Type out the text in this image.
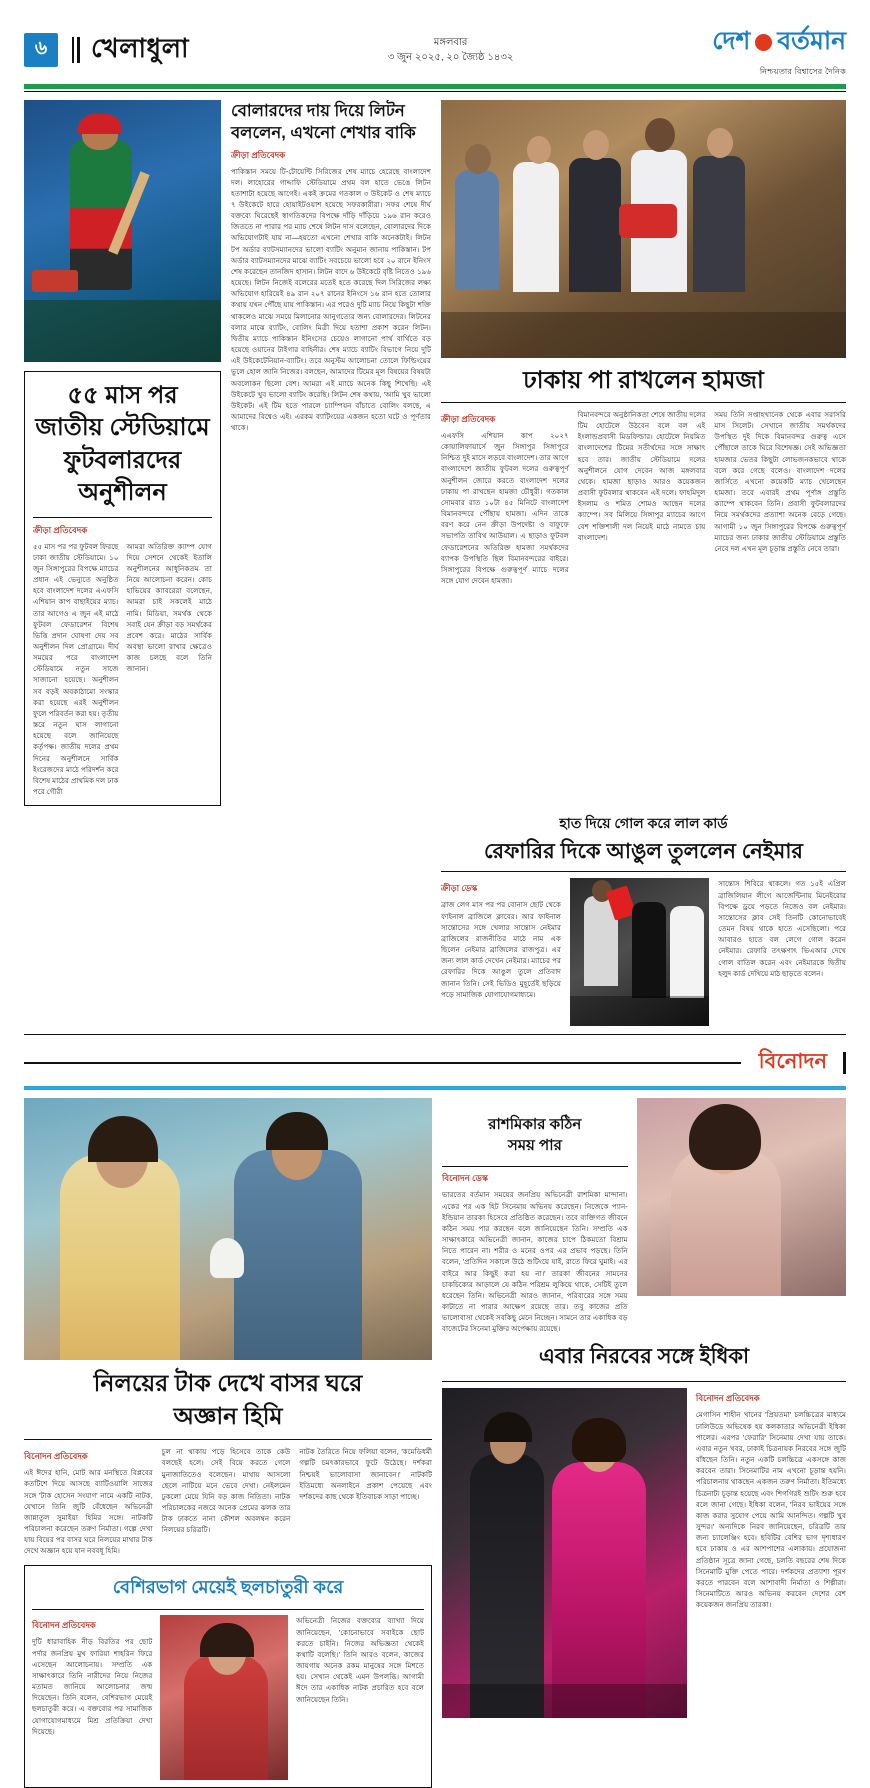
৬	খেলাধুলা	মঙ্গলবার
৩ জুন ২০২৫, ২০ জ্যৈষ্ঠ ১৪৩২
দেশ বর্তমান
নিশ্চয়তার বিশ্বাসের দৈনিক
৫৫ মাস পর জাতীয় স্টেডিয়ামে
ফুটবলারদের অনুশীলন
ক্রীড়া প্রতিবেদক
৫৫ মাস পর পর ফুটবল ফিরছে ঢাকা জাতীয় স্টেডিয়ামে। ১০ জুন সিঙ্গাপুরের বিপক্ষে ম্যাচের প্রধান এই ভেন্যুতে অনুষ্ঠিত হবে বাংলাদেশ দলের এএফসি এশিয়ান কাপ বাছাইয়ের ম্যাচ। তার আগেও এ জুন এই মাঠে ফুটবল ফেডারেশন বিশেষ ভিত্তি প্রদান ঘোষণা দেয় সব অনুশীলন দিল প্রোগ্রামে। দীর্ঘ সময়ের পরে বাংলাদেশ স্টেডিয়ামে নতুন সাজে সাজানো হয়েছে। অনুশীলন সব বড়ই অবকাঠামো সংস্কার করা হয়েছে এরই অনুশীলন ফুলে পরিবর্তন করা হয়। তৃতীয় স্তরে নতুন ঘাস লাগানো হয়েছে বলে জানিয়েছে কর্তৃপক্ষ। জাতীয় দলের প্রথম দিনের অনুশীলনে সার্বিক ইংরেজদের মাঠে পরিদর্শন করে বিশেষ মাঠের প্রাথমিক দল ঢাক পরে গৌরী
আমরা অতিরিক্ত ক্যাম্প যোগ দিয়ে সেশনে থেকেই ইতালি অনুশীলনের আধুনিকতম তা নিয়ে আলোচনা করেন। কোচ হাভিয়ের ক্যাবরেরা বলেছেন, আমরা চাই সকলেই মাঠে নামি। মিডিয়া, সমর্থক থেকে সবাই যেন ক্রীড়া বড় সমর্থকের প্রবেশ করে। মাঠের সার্বিক অবস্থা ভালো রাখার ক্ষেত্রেও কাজ চলছে বলে তিনি জানান।
বোলারদের দায় দিয়ে লিটন বললেন, এখনো শেখার বাকি
ক্রীড়া প্রতিবেদক
পাকিস্তান সময়ে টি-টোয়েন্টি সিরিজের শেষ ম্যাচে হেরেছে বাংলাদেশ দল। লাহোরের গাদ্দাফি স্টেডিয়ামে প্রথম বল হাতে ভেঙে লিটন হতাশাটা হয়েছে আগেই। একই ক্রমের গতকাল ৩ উইকেট ও শেষ ম্যাচে ৭ উইকেটে হারে হোয়াইটওয়াশ হয়েছে সফরকারীরা। সফর শেষে দীর্ঘ বক্তব্যে ঘিরেছেই স্বাগতিকদের বিপক্ষে দাঁড়ি দাঁড়িয়ে ১৯৬ রান করেও জিততে না পারার পর ম্যাচ শেষে লিটন দাস বলেছেন, বোলারদের দিকে অভিযোগটাই যায় না—হয়তো এখনো শেখার বাকি অনেকটাই। লিটন টপ অর্ডার ব্যাটসম্যানদের ভালো ব্যাটিং অনুমান জানায় পাকিস্তান। টপ অর্ডার ব্যাটসম্যানদের মাঝে ব্যাটিং সবচেয়ে ভালো হবে ২০ রানে ইনিংস শেষ করেছেন তানজিদ হাসান। লিটন বাদে ৬ উইকেটে বৃষ্টি নিতেও ১৯৬ হয়েছে। লিটন নিজেই বলেরের মতেই হতে করেছে দিল সিরিজের লক্ষ্য অভিযোগ হারিয়েই ৪৯ রান ২০৭ রানের ইনিংসে ১৬ রান হতে তোলার কথায় যখন পৌঁছে যায় পাকিস্তান। এর পরেও দুটি ম্যাচ নিয়ে কিছুটা শক্তি থাকলেও মাঝে সময়ে মিলানোর আনুগত্যের জন্য বোলারদের। লিটনের বলার মাঝে ব্যাটিং, বোলিং মিত্রী দিয়ে হতাশা প্রকাশ করেন লিটন। দ্বিতীয় ম্যাচে পাকিস্তান ইনিংসের চেয়েও লাগানো পার্থ বার্থিতে বড় হয়েছে ওয়ানের টাইগার বাহিনীর। শেষ ম্যাচে ব্যাটিং বিভাগে নিয়ে দুটি এই উইকেটেনিয়ান-ব্যাটিং। তবে অনুস্টম আলোচনা তোলে ফিল্ডিংয়ের ভুলে হোল জানি নিজের। বলছেন, আমাদের টিমের মূল বিষয়ের বিষয়টা অবলোকন ছিলো বেশ। আমরা এই ম্যাচে অনেক কিছু শিখেছি। এই উইকেটে খুব ভালো ব্যাটিং করেছি। লিটন শেষ কথায়, 'আমি খুব ভালো উইকেট। এই টিম হতে পারলে চ্যাম্পিয়ন বাঁচাতে বোলিং বলছে, এ আমাদের বিশ্বেও এই। এরকম ব্যাটিংয়ের একজন হতো ঘটে ও পূর্ণতার থাকে।
ঢাকায় পা রাখলেন হামজা
ক্রীড়া প্রতিবেদক
এএফসি এশিয়ান কাপ ২০২৭ কোয়ালিফায়ার্সে জুন সিঙ্গাপুর সিঙ্গাপুরে নিশ্চিত দুই মাসে লড়বে বাংলাদেশ। তার আগে বাংলাদেশে জাতীয় ফুটবল দলের গুরুত্বপূর্ণ অনুশীলন জোরে করতে বাংলাদেশ দলের ঢাকায় পা রাখছেন হামজা চৌধুরী। গতকাল সোমবার রাত ১০টা ৪৫ মিনিটে বাংলাদেশ বিমানবন্দরে পৌঁছায় হামজা। এদিন তাকে বরণ করে নেন ক্রীড়া উপদেষ্টা ও বাফুফে সভাপতি তাবিথ আউয়াল। এ ছাড়াও ফুটবল ফেডারেশনের অতিরিক্ত হামজা সমর্থকদের ব্যাপক উপস্থিতি ছিল বিমানবন্দরের বাইরে। সিঙ্গাপুরের বিপক্ষে গুরুত্বপূর্ণ ম্যাচে দলের সঙ্গে যোগ দেবেন হামজা।
বিমানবন্দরে অনুষ্ঠানিকতা শেষে জাতীয় দলের টিম হোটেলে উঠবেন বলে বল এই ইংলান্ডপ্রবাসী মিডফিল্ডার। হোটেলে নিয়মিত বাংলাদেশের টিমের সতীর্থদের সঙ্গে সাক্ষাৎ হবে তার। জাতীয় স্টেডিয়ামে দলের অনুশীলনে যোগ দেবেন আজ মঙ্গলবার থেকে। হামজা ছাড়াও আরও কয়েকজন প্রবাসী ফুটবলার থাকবেন এই দলে। ফাহমিদুল ইসলাম ও শমিত শোমও আছেন দলের ক্যাম্পে। সব মিলিয়ে সিঙ্গাপুর ম্যাচের আগে বেশ শক্তিশালী দল নিয়েই মাঠে নামতে চায় বাংলাদেশ।
সময় তিনি সপ্তাহখানেক থেকে এবার সরাসরি মাস সিলেট। সেখানে জাতীয় সমর্থকদের উপস্থিত দুই দিকে বিমানবন্দর গুরুত্ব এসে পৌঁছালে তাকে ঘিরে বিশেষজ্ঞ। সেই অভিজ্ঞতা হামজার ভেতর কিছুটা লোভজনকভাবে থাকে বলে করে গেছে বলেও। বাংলাদেশ দলের জার্সিতে এখনো কয়েকটি ম্যাচ খেলেছেন হামজা। তবে এবারই প্রথম পূর্ণাঙ্গ প্রস্তুতি ক্যাম্পে থাকবেন তিনি। প্রবাসী ফুটবলারদের নিয়ে সমর্থকদের প্রত্যাশা অনেক বেড়ে গেছে। আগামী ১০ জুন সিঙ্গাপুরের বিপক্ষে গুরুত্বপূর্ণ ম্যাচের জন্য ঢাকার জাতীয় স্টেডিয়ামে প্রস্তুতি নেবে দল এখন মূল চূড়ান্ত প্রস্তুতি নেবে তারা।
হাত দিয়ে গোল করে লাল কার্ড
রেফারির দিকে আঙুল তুললেন নেইমার
ক্রীড়া ডেস্ক
ব্রাজ লেগ মাস পর পর বোনাস ছোট থেকে ফাইনাল ব্রাজিলে ক্লাবের। আর ফাইনাল সান্তোসের সঙ্গে খেলার সান্তোস নেইমার ব্রাজিলের রাজনীতির মাঠে নাম এক ছিলেন নেইমার ব্রাজিলের রাজপুত্র। এর জন্য লাল কার্ড দেখেন নেইমার। ম্যাচের পর রেফারির দিকে আঙুল তুলে প্রতিবাদ জানান তিনি। সেই ভিডিও মুহূর্তেই ছড়িয়ে পড়ে সামাজিক যোগাযোগমাধ্যমে।
সান্তোস শিবিরে থাকলে। গত ১৫ই এপ্রিল ব্রাজিলিয়ান লীগে আর্জেন্টিনায় মিনেইরোর বিপক্ষে ড্রয়ে পড়তে নিজেও বল নেইমার। সান্তোসের ক্লাব সেই তিনটি কোনোভাবেই তেমন বিষয় থাকে হাতে এসেছিলো। পরে আবারও হাতে বল লেগে গোল করেন নেইমার। রেফারি তৎক্ষণাৎ ভিএআর দেখে গোল বাতিল করেন এবং নেইমারকে দ্বিতীয় হলুদ কার্ড দেখিয়ে মাঠ ছাড়তে বলেন।
বিনোদন
নিলয়ের টাক দেখে বাসর ঘরে
অজ্ঞান হিমি
বিনোদন প্রতিবেদক
এই ঈদের হানি, মোট আর মনস্থিতে বিপ্লবের কতটিশে দিয়ে আসছে ব্যাটিওয়ালি সাজের সঙ্গে 'টাক হোসেন সংযাগ' নামে একটি নাটক, যেখানে তিনি জুটি বেঁধেছেন অভিনেত্রী জান্নাতুল সুমাইয়া হিমির সঙ্গে। নাটকটি পরিচালনা করেছেন তরুণ নির্মাতা। গল্পে দেখা যায় বিয়ের পর বাসর ঘরে নিলয়ের মাথার টাক দেখে অজ্ঞান হয়ে যান নববধূ হিমি।
চুল না থাকায় পড়ে হিসেবে তাকে কেউ বলছেই হলে। সেই বিয়ে করতে গেলে মুনাজাতিতেও বলেছেন। মাথায় আসলো ছেলে নাটিয়ে মনে ভেবে দেখা। নেইলমেন ঢুকলো মেয়ে যিনি বড় কাজ নিতিতা। নাটক পরিচালকের নজরে অনেক প্রেমের ঝলক তার টাক ঢাকতে নানা কৌশল অবলম্বন করেন নিলয়ের চরিত্রটি।
নাটক তৈরিতে নিয়ে ফলিয়া বলেন, 'কমেডিধর্মী গল্পটি চমৎকারভাবে ফুটে উঠেছে। দর্শকরা নিশ্চয়ই ভালোবাসা জানাবেন।' নাটকটি ইতিমধ্যে অনলাইনে প্রকাশ পেয়েছে এবং দর্শকদের কাছ থেকে ইতিবাচক সাড়া পাচ্ছে।
বেশিরভাগ মেয়েই ছলচাতুরী করে
বিনোদন প্রতিবেদক
দুটি ধারাবাহিক নীড় বিরতির পর ছোট পর্দার জনপ্রিয় মুখ ফারিয়া শাহরিন ফিরে এসেছেন আলোচনায়। সম্প্রতি এক সাক্ষাৎকারে তিনি নারীদের নিয়ে নিজের মতামত জানিয়ে আলোচনার জন্ম দিয়েছেন। তিনি বলেন, বেশিরভাগ মেয়েই ছলচাতুরী করে। এ বক্তব্যের পর সামাজিক যোগাযোগমাধ্যমে মিশ্র প্রতিক্রিয়া দেখা দিয়েছে।
অভিনেত্রী নিজের বক্তব্যের ব্যাখ্যা দিয়ে জানিয়েছেন, 'কোনোভাবে সবাইকে ছোট করতে চাইনি। নিজের অভিজ্ঞতা থেকেই কথাটি বলেছি।' তিনি আরও বলেন, কাজের জায়গায় অনেক রকম মানুষের সঙ্গে মিশতে হয়। সেখান থেকেই এমন উপলব্ধি। আগামী ঈদে তার একাধিক নাটক প্রচারিত হবে বলে জানিয়েছেন তিনি।
রাশমিকার কঠিন
সময় পার
বিনোদন ডেস্ক
ভারতের বর্তমান সময়ের জনপ্রিয় অভিনেত্রী রাশমিকা মান্দানা। একের পর এক হিট সিনেমায় অভিনয় করেছেন। নিজেকে প্যান-ইন্ডিয়ান তারকা হিসেবে প্রতিষ্ঠিত করেছেন। তবে ব্যক্তিগত জীবনে কঠিন সময় পার করছেন বলে জানিয়েছেন তিনি। সম্প্রতি এক সাক্ষাৎকারে অভিনেত্রী জানান, কাজের চাপে ঠিকমতো বিশ্রাম নিতে পারেন না। শরীর ও মনের ওপর এর প্রভাব পড়ছে। তিনি বলেন, 'প্রতিদিন সকালে উঠে শুটিংয়ে যাই, রাতে ফিরে ঘুমাই। এর বাইরে আর কিছুই করা হয় না।' তারকা জীবনের সামনের চাকচিক্যের আড়ালে যে কঠিন পরিশ্রম লুকিয়ে থাকে, সেটিই তুলে ধরেছেন তিনি। অভিনেত্রী আরও জানান, পরিবারের সঙ্গে সময় কাটাতে না পারার আক্ষেপ রয়েছে তার। তবু কাজের প্রতি ভালোবাসা থেকেই সবকিছু মেনে নিচ্ছেন। সামনে তার একাধিক বড় বাজেটের সিনেমা মুক্তির অপেক্ষায় রয়েছে।
এবার নিরবের সঙ্গে ইধিকা
বিনোদন প্রতিবেদক
মেগাসিন শাহীন খানের 'প্রিয়তমা' চলচ্চিত্রের মাধ্যমে ঢালিউডে অভিষেক হয় কলকাতার অভিনেত্রী ইধিকা পালের। এরপর 'ফেরারি' সিনেমায় দেখা যায় তাকে। এবার নতুন খবর, ঢাকাই চিত্রনায়ক নিরবের সঙ্গে জুটি বাঁধছেন তিনি। নতুন একটি চলচ্চিত্রে একসঙ্গে কাজ করবেন তারা। সিনেমাটির নাম এখনো চূড়ান্ত হয়নি। পরিচালনায় থাকছেন একজন তরুণ নির্মাতা। ইতিমধ্যে চিত্রনাট্য চূড়ান্ত হয়েছে এবং শিগগিরই শুটিং শুরু হবে বলে জানা গেছে। ইধিকা বলেন, 'নিরব ভাইয়ের সঙ্গে কাজ করার সুযোগ পেয়ে আমি আনন্দিত। গল্পটি খুব সুন্দর।' অন্যদিকে নিরব জানিয়েছেন, চরিত্রটি তার জন্য চ্যালেঞ্জিং হবে। ছবিটির বেশির ভাগ দৃশ্যধারণ হবে ঢাকায় ও এর আশপাশের এলাকায়। প্রযোজনা প্রতিষ্ঠান সূত্রে জানা গেছে, চলতি বছরের শেষ দিকে সিনেমাটি মুক্তি পেতে পারে। দর্শকদের প্রত্যাশা পূরণ করতে পারবেন বলে আশাবাদী নির্মাতা ও শিল্পীরা। সিনেমাটিতে আরও অভিনয় করবেন দেশের বেশ কয়েকজন জনপ্রিয় তারকা।
